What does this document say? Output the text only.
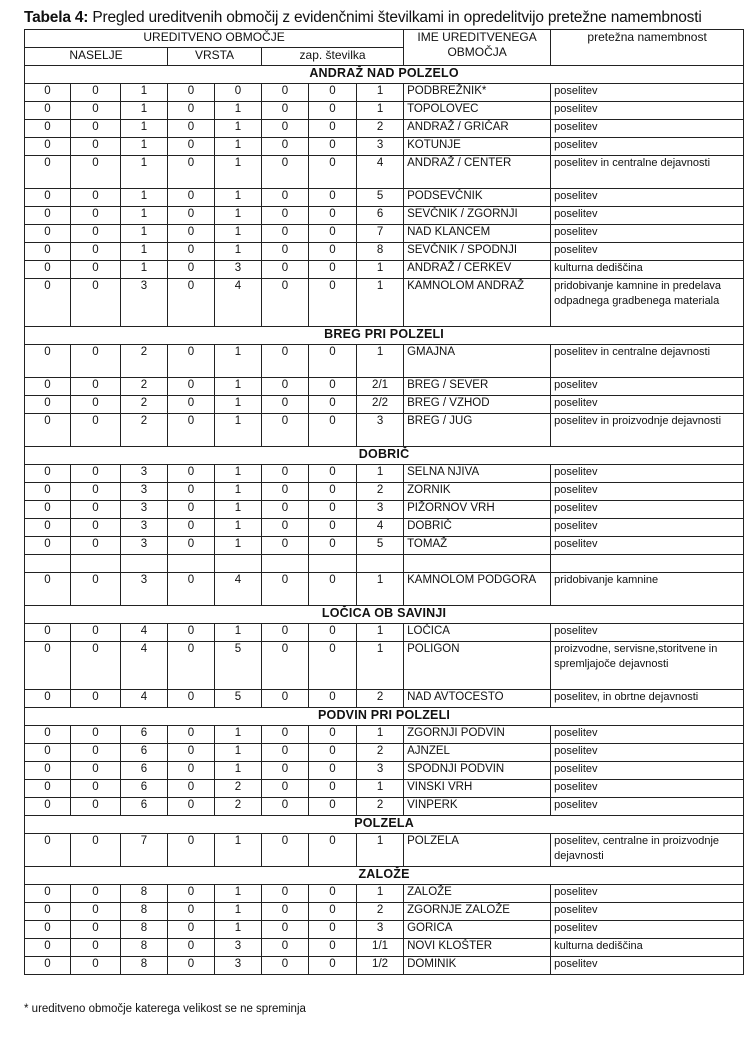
Tabela 4: Pregled ureditvenih območij z evidenčnimi številkami in opredelitvijo pretežne namembnosti
UREDITVENO OBMOČJE								IME UREDITVENEGA OBMOČJA	pretežna namembnost
NASELJE			VRSTA		zap. številka				
ANDRAŽ NAD POLZELO									
0	0	1	0	0	0	0	1	PODBREŽNIK*	poselitev
0	0	1	0	1	0	0	1	TOPOLOVEC	poselitev
0	0	1	0	1	0	0	2	ANDRAŽ / GRIČAR	poselitev
0	0	1	0	1	0	0	3	KOTUNJE	poselitev
0	0	1	0	1	0	0	4	ANDRAŽ / CENTER	poselitev in centralne dejavnosti
0	0	1	0	1	0	0	5	PODSEVČNIK	poselitev
0	0	1	0	1	0	0	6	SEVČNIK / ZGORNJI	poselitev
0	0	1	0	1	0	0	7	NAD KLANCEM	poselitev
0	0	1	0	1	0	0	8	SEVČNIK / SPODNJI	poselitev
0	0	1	0	3	0	0	1	ANDRAŽ / CERKEV	kulturna dediščina
0	0	3	0	4	0	0	1	KAMNOLOM ANDRAŽ	pridobivanje kamnine in predelava odpadnega gradbenega materiala
BREG PRI POLZELI									
0	0	2	0	1	0	0	1	GMAJNA	poselitev in centralne dejavnosti
0	0	2	0	1	0	0	2/1	BREG / SEVER	poselitev
0	0	2	0	1	0	0	2/2	BREG / VZHOD	poselitev
0	0	2	0	1	0	0	3	BREG / JUG	poselitev in proizvodnje dejavnosti
DOBRIČ									
0	0	3	0	1	0	0	1	SELNA NJIVA	poselitev
0	0	3	0	1	0	0	2	ZORNIK	poselitev
0	0	3	0	1	0	0	3	PIŽORNOV VRH	poselitev
0	0	3	0	1	0	0	4	DOBRIČ	poselitev
0	0	3	0	1	0	0	5	TOMAŽ	poselitev

0	0	3	0	4	0	0	1	KAMNOLOM PODGORA	pridobivanje kamnine
LOČICA OB SAVINJI									
0	0	4	0	1	0	0	1	LOČICA	poselitev
0	0	4	0	5	0	0	1	POLIGON	proizvodne, servisne,storitvene in spremljajoče dejavnosti
0	0	4	0	5	0	0	2	NAD AVTOCESTO	poselitev, in obrtne dejavnosti
PODVIN PRI POLZELI									
0	0	6	0	1	0	0	1	ZGORNJI PODVIN	poselitev
0	0	6	0	1	0	0	2	AJNZEL	poselitev
0	0	6	0	1	0	0	3	SPODNJI PODVIN	poselitev
0	0	6	0	2	0	0	1	VINSKI VRH	poselitev
0	0	6	0	2	0	0	2	VINPERK	poselitev
POLZELA									
0	0	7	0	1	0	0	1	POLZELA	poselitev, centralne in proizvodnje dejavnosti
ZALOŽE									
0	0	8	0	1	0	0	1	ZALOŽE	poselitev
0	0	8	0	1	0	0	2	ZGORNJE ZALOŽE	poselitev
0	0	8	0	1	0	0	3	GORICA	poselitev
0	0	8	0	3	0	0	1/1	NOVI KLOŠTER	kulturna dediščina
0	0	8	0	3	0	0	1/2	DOMINIK	poselitev
* ureditveno območje katerega velikost se ne spreminja
